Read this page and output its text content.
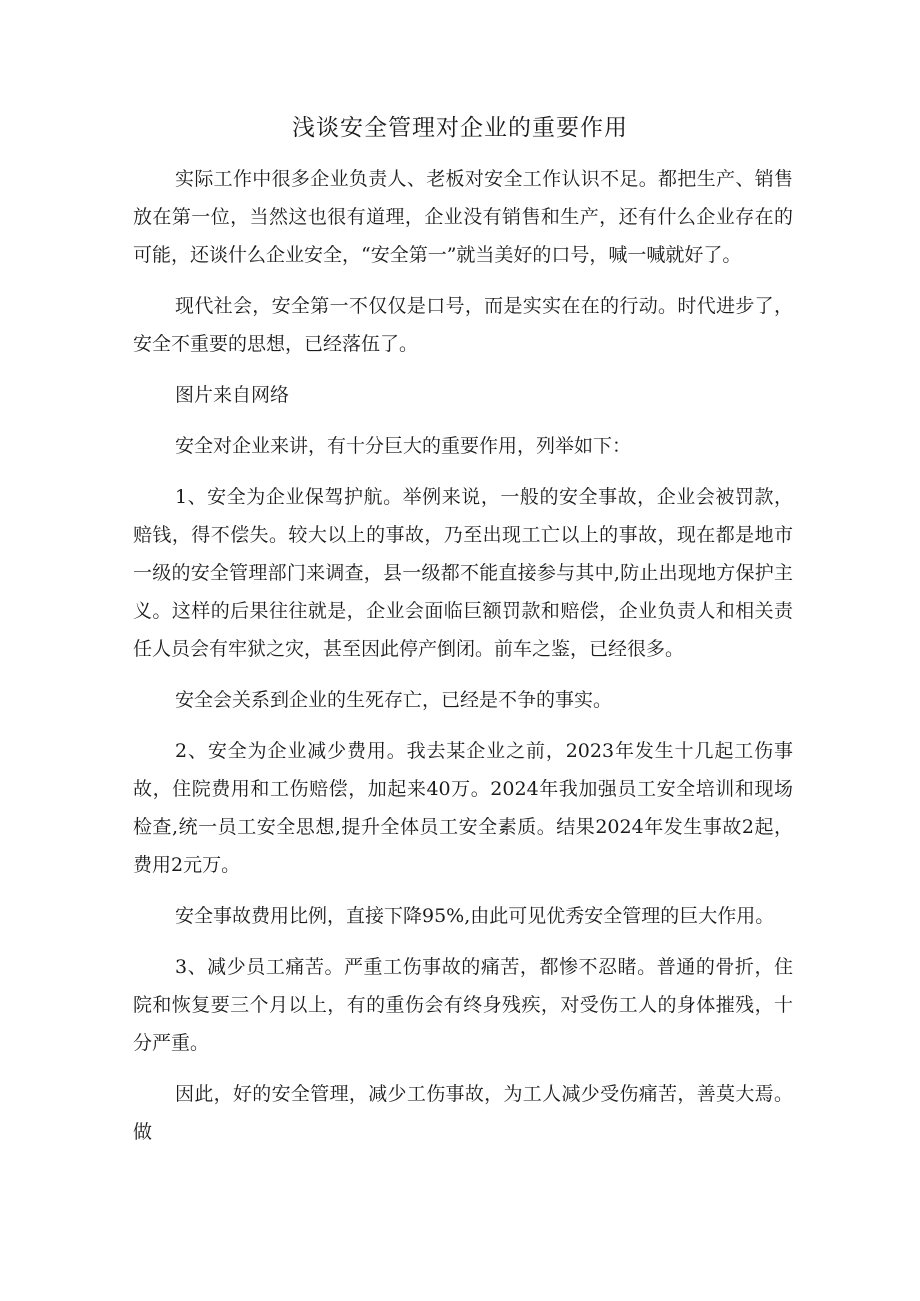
浅谈安全管理对企业的重要作用

实际工作中很多企业负责人、老板对安全工作认识不足。都把生产、销售放在第一位，当然这也很有道理，企业没有销售和生产，还有什么企业存在的可能，还谈什么企业安全，“安全第一”就当美好的口号，喊一喊就好了。

现代社会，安全第一不仅仅是口号，而是实实在在的行动。时代进步了，安全不重要的思想，已经落伍了。

图片来自网络

安全对企业来讲，有十分巨大的重要作用，列举如下：

1、安全为企业保驾护航。举例来说，一般的安全事故，企业会被罚款，赔钱，得不偿失。较大以上的事故，乃至出现工亡以上的事故，现在都是地市一级的安全管理部门来调查，县一级都不能直接参与其中,防止出现地方保护主义。这样的后果往往就是，企业会面临巨额罚款和赔偿，企业负责人和相关责任人员会有牢狱之灾，甚至因此停产倒闭。前车之鉴，已经很多。

安全会关系到企业的生死存亡，已经是不争的事实。

2、安全为企业减少费用。我去某企业之前，2023年发生十几起工伤事故，住院费用和工伤赔偿，加起来40万。2024年我加强员工安全培训和现场检查,统一员工安全思想,提升全体员工安全素质。结果2024年发生事故2起，费用2元万。

安全事故费用比例，直接下降95%,由此可见优秀安全管理的巨大作用。

3、减少员工痛苦。严重工伤事故的痛苦，都惨不忍睹。普通的骨折，住院和恢复要三个月以上，有的重伤会有终身残疾，对受伤工人的身体摧残，十分严重。

因此，好的安全管理，减少工伤事故，为工人减少受伤痛苦，善莫大焉。做
